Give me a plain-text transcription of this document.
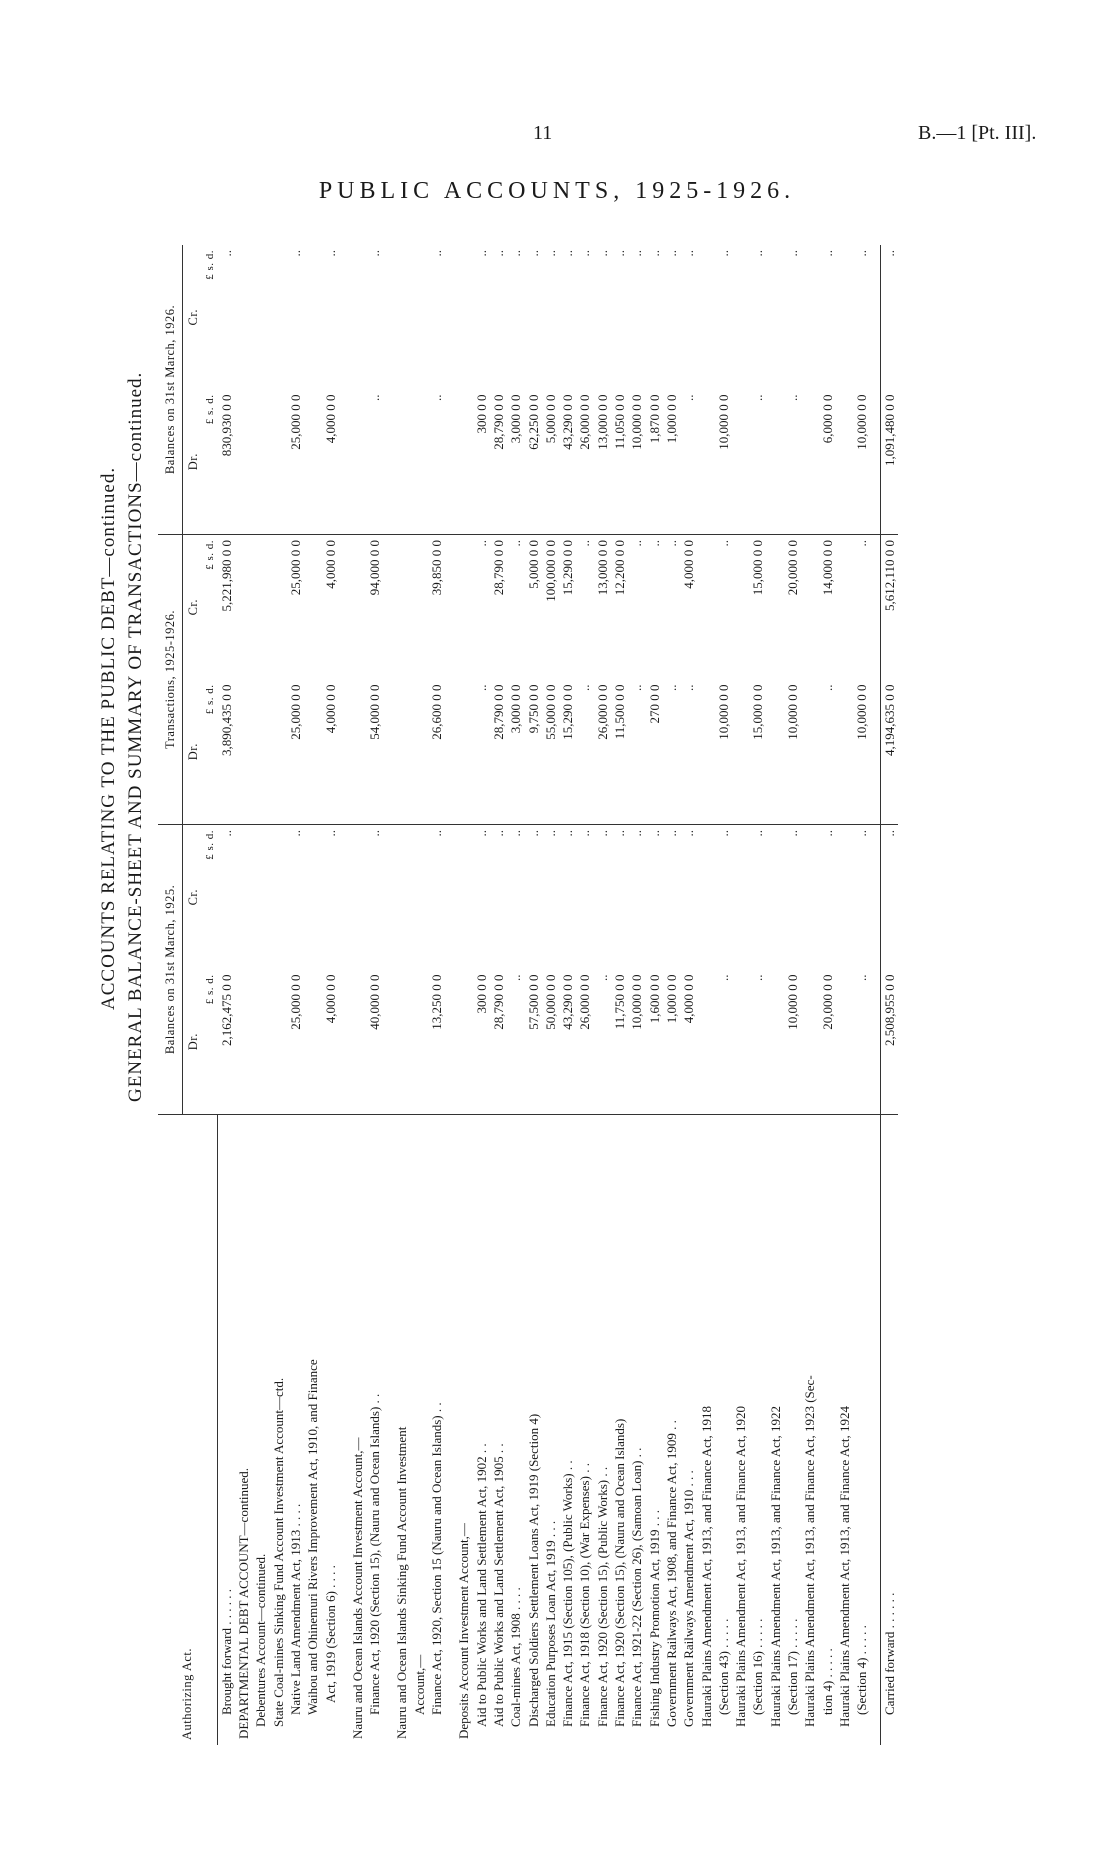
11	B.—1 [Pt. III].
PUBLIC ACCOUNTS, 1925-1926.
ACCOUNTS RELATING TO THE PUBLIC DEBT—continued. GENERAL BALANCE-SHEET AND SUMMARY OF TRANSACTIONS—continued.
Authorizing Act.	Balances on 31st March, 1925.		Transactions, 1925-1926.		Balances on 31st March, 1926.	
	Dr.	Cr.	Dr.	Cr.	Dr.	Cr.
	£ s. d.	£ s. d.	£ s. d.	£ s. d.	£ s. d.	£ s. d.
Brought forward . . . . . .	2,162,475 0 0	..	3,890,435 0 0	5,221,980 0 0	830,930 0 0	..
DEPARTMENTAL DEBT ACCOUNT—continued.						
Debentures Account—continued.						
State Coal-mines Sinking Fund Account Investment Account—ctd.						
Native Land Amendment Act, 1913 . . . .	25,000 0 0	..	25,000 0 0	25,000 0 0	25,000 0 0	..
Waihou and Ohinemuri Rivers Improvement Act, 1910, and Finance						
Act, 1919 (Section 6) . . . .	4,000 0 0	..	4,000 0 0	4,000 0 0	4,000 0 0	..

Nauru and Ocean Islands Account Investment Account,—						
Finance Act, 1920 (Section 15), (Nauru and Ocean Islands) . .	40,000 0 0	..	54,000 0 0	94,000 0 0	..	..

Nauru and Ocean Islands Sinking Fund Account Investment						
Account,—						
Finance Act, 1920, Section 15 (Nauru and Ocean Islands) . .	13,250 0 0	..	26,600 0 0	39,850 0 0	..	..

Deposits Account Investment Account,—						
Aid to Public Works and Land Settlement Act, 1902 . .	300 0 0	..	..	..	300 0 0	..
Aid to Public Works and Land Settlement Act, 1905 . .	28,790 0 0	..	28,790 0 0	28,790 0 0	28,790 0 0	..
Coal-mines Act, 1908 . . . .	..	..	3,000 0 0	..	3,000 0 0	..
Discharged Soldiers Settlement Loans Act, 1919 (Section 4)	57,500 0 0	..	9,750 0 0	5,000 0 0	62,250 0 0	..
Education Purposes Loan Act, 1919 . . .	50,000 0 0	..	55,000 0 0	100,000 0 0	5,000 0 0	..
Finance Act, 1915 (Section 105), (Public Works) . .	43,290 0 0	..	15,290 0 0	15,290 0 0	43,290 0 0	..
Finance Act, 1918 (Section 10), (War Expenses) . .	26,000 0 0	..	..	..	26,000 0 0	..
Finance Act, 1920 (Section 15), (Public Works) . .	..	..	26,000 0 0	13,000 0 0	13,000 0 0	..
Finance Act, 1920 (Section 15), (Nauru and Ocean Islands)	11,750 0 0	..	11,500 0 0	12,200 0 0	11,050 0 0	..
Finance Act, 1921-22 (Section 26), (Samoan Loan) . .	10,000 0 0	..	..	..	10,000 0 0	..
Fishing Industry Promotion Act, 1919 . . .	1,600 0 0	..	270 0 0	..	1,870 0 0	..
Government Railways Act, 1908, and Finance Act, 1909 . .	1,000 0 0	..	..	..	1,000 0 0	..
Government Railways Amendment Act, 1910 . . .	4,000 0 0	..	..	4,000 0 0	..	..
Hauraki Plains Amendment Act, 1913, and Finance Act, 1918						
(Section 43) . . . . .	..	..	10,000 0 0	..	10,000 0 0	..
Hauraki Plains Amendment Act, 1913, and Finance Act, 1920						
(Section 16) . . . . .	..	..	15,000 0 0	15,000 0 0	..	..
Hauraki Plains Amendment Act, 1913, and Finance Act, 1922						
(Section 17) . . . . .	10,000 0 0	..	10,000 0 0	20,000 0 0	..	..
Hauraki Plains Amendment Act, 1913, and Finance Act, 1923 (Sec-						
tion 4) . . . . .	20,000 0 0	..	..	14,000 0 0	6,000 0 0	..
Hauraki Plains Amendment Act, 1913, and Finance Act, 1924						
(Section 4) . . . . .	..	..	10,000 0 0	..	10,000 0 0	..

Carried forward . . . . . .	2,508,955 0 0	..	4,194,635 0 0	5,612,110 0 0	1,091,480 0 0	..
